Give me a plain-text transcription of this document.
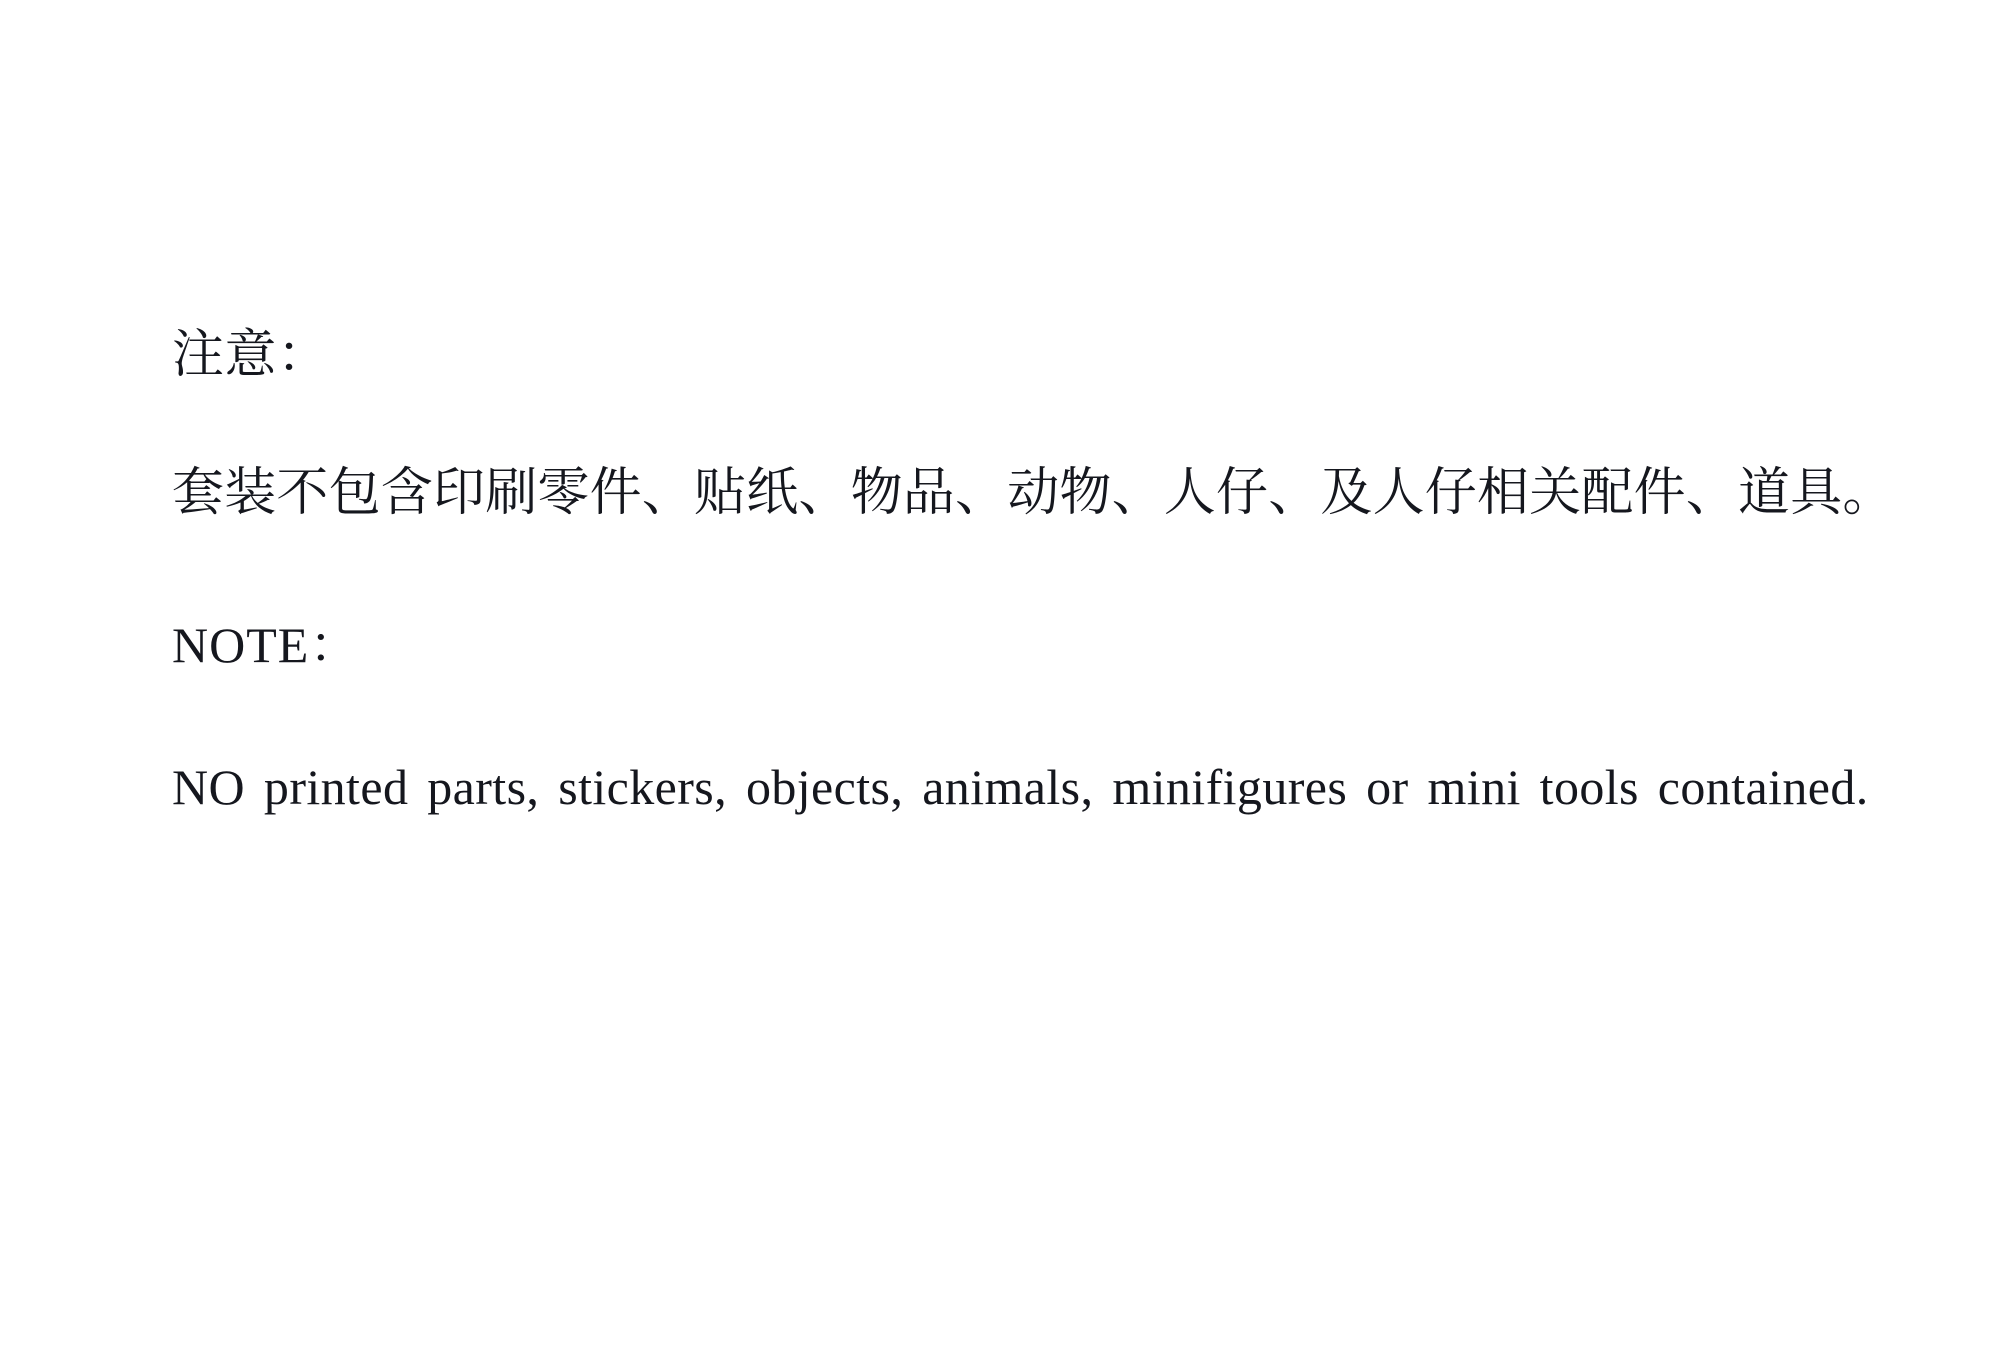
注意：
套装不包含印刷零件、贴纸、物品、动物、人仔、及人仔相关配件、道具。
NOTE：
NO printed parts, stickers, objects, animals, minifigures or mini tools contained.
